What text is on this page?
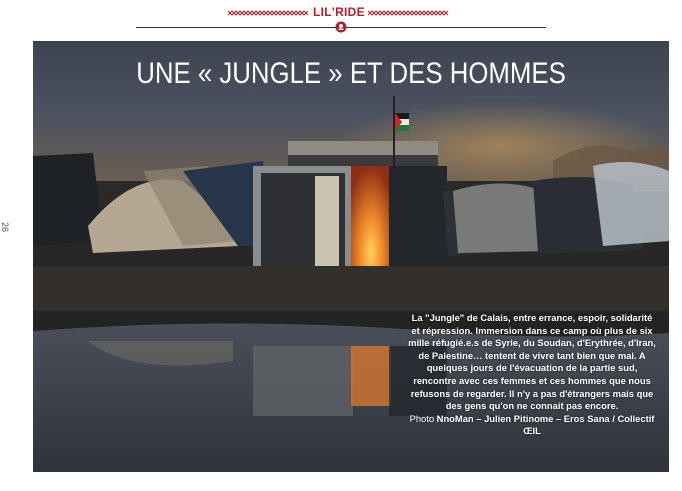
LIL'RIDE
26
UNE « JUNGLE » ET DES HOMMES
La "Jungle" de Calais, entre errance, espoir, solidarité et répression. Immersion dans ce camp où plus de six mille réfugié.e.s de Syrie, du Soudan, d'Erythrée, d'Iran, de Palestine… tentent de vivre tant bien que mal. A quelques jours de l'évacuation de la partie sud, rencontre avec ces femmes et ces hommes que nous refusons de regarder. Il n'y a pas d'étrangers mais que des gens qu'on ne connait pas encore.
Photo NnoMan – Julien Pitinome – Eros Sana / Collectif ŒIL
